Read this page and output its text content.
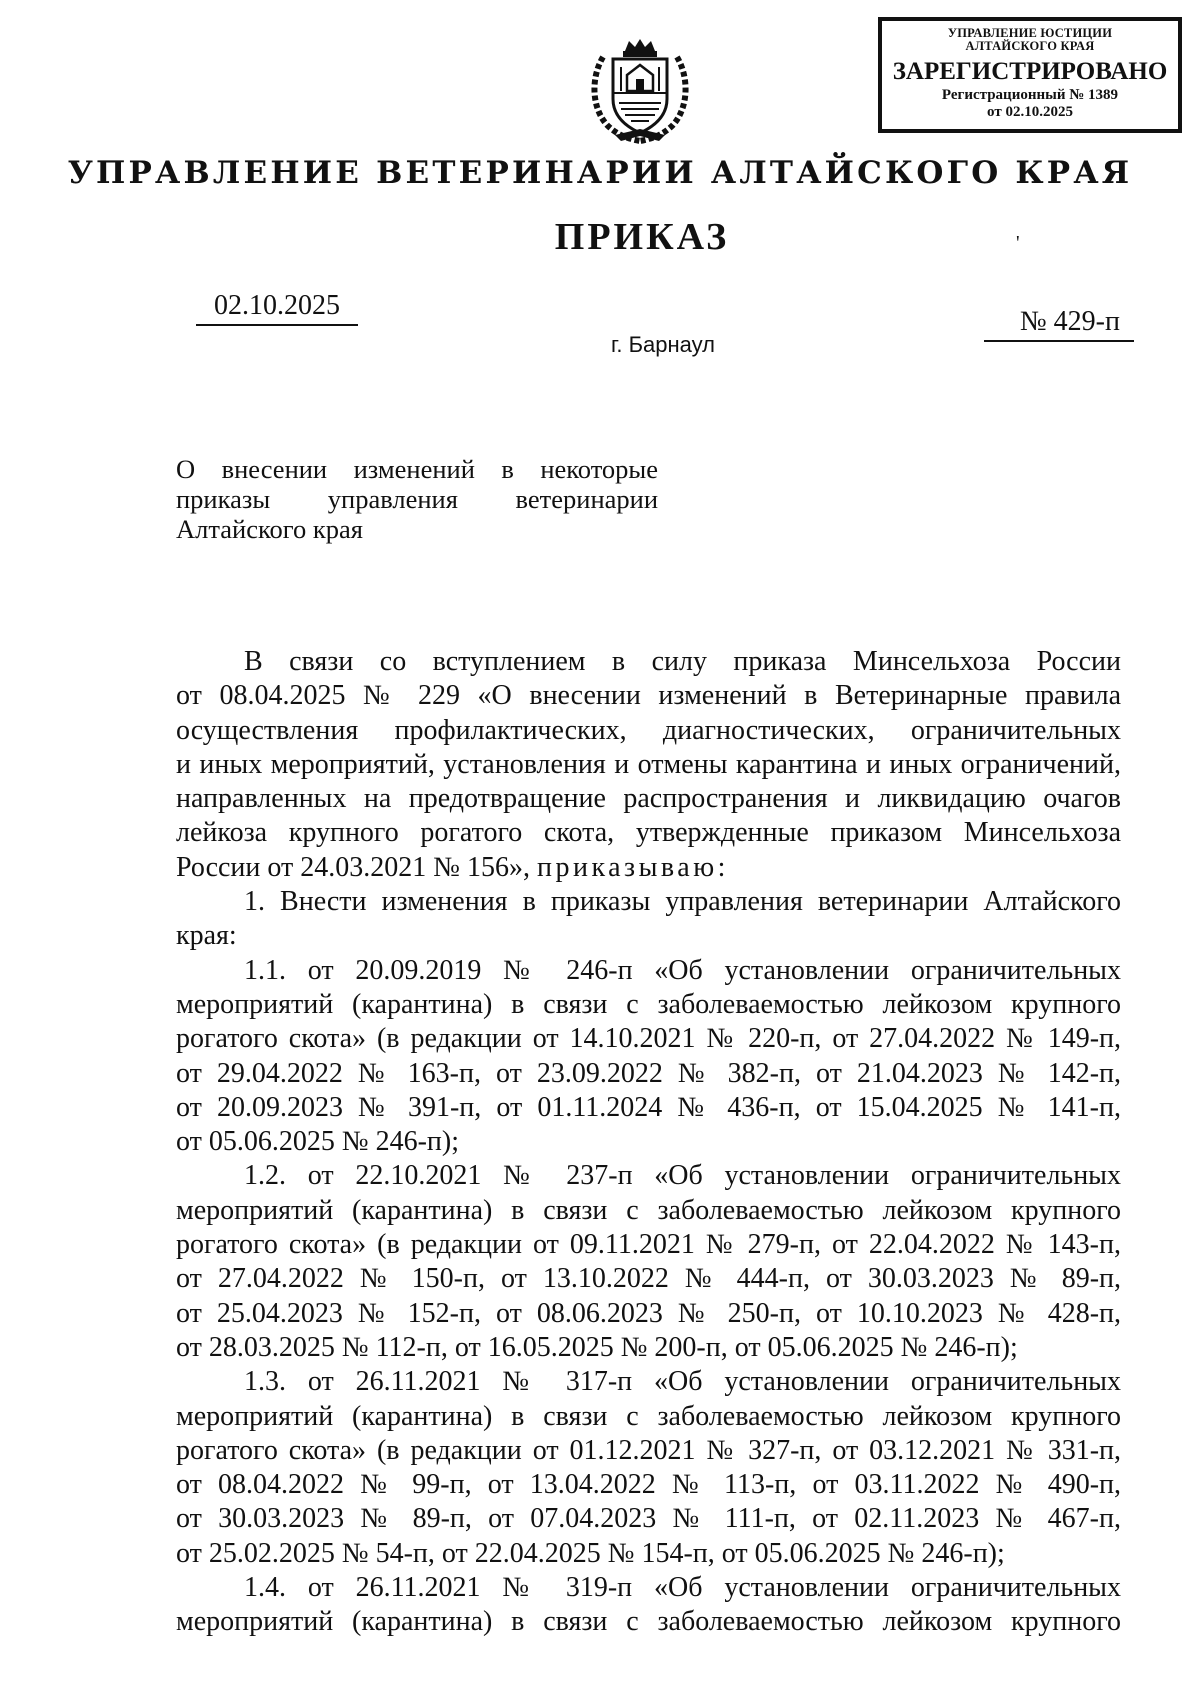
УПРАВЛЕНИЕ ЮСТИЦИИ
АЛТАЙСКОГО КРАЯ
ЗАРЕГИСТРИРОВАНО
Регистрационный № 1389
от 02.10.2025
УПРАВЛЕНИЕ ВЕТЕРИНАРИИ АЛТАЙСКОГО КРАЯ
ПРИКАЗ	'
02.10.2025
№ 429-п
г. Барнаул
О внесении изменений в некоторые
приказы управления ветеринарии
Алтайского края
В связи со вступлением в силу приказа Минсельхоза России
от 08.04.2025 № 229 «О внесении изменений в Ветеринарные правила
осуществления профилактических, диагностических, ограничительных
и иных мероприятий, установления и отмены карантина и иных ограничений,
направленных на предотвращение распространения и ликвидацию очагов
лейкоза крупного рогатого скота, утвержденные приказом Минсельхоза
России от 24.03.2021 № 156», приказываю:
1. Внести изменения в приказы управления ветеринарии Алтайского
края:
1.1. от 20.09.2019 № 246-п «Об установлении ограничительных
мероприятий (карантина) в связи с заболеваемостью лейкозом крупного
рогатого скота» (в редакции от 14.10.2021 № 220-п, от 27.04.2022 № 149-п,
от 29.04.2022 № 163-п, от 23.09.2022 № 382-п, от 21.04.2023 № 142-п,
от 20.09.2023 № 391-п, от 01.11.2024 № 436-п, от 15.04.2025 № 141-п,
от 05.06.2025 № 246-п);
1.2. от 22.10.2021 № 237-п «Об установлении ограничительных
мероприятий (карантина) в связи с заболеваемостью лейкозом крупного
рогатого скота» (в редакции от 09.11.2021 № 279-п, от 22.04.2022 № 143-п,
от 27.04.2022 № 150-п, от 13.10.2022 № 444-п, от 30.03.2023 № 89-п,
от 25.04.2023 № 152-п, от 08.06.2023 № 250-п, от 10.10.2023 № 428-п,
от 28.03.2025 № 112-п, от 16.05.2025 № 200-п, от 05.06.2025 № 246-п);
1.3. от 26.11.2021 № 317-п «Об установлении ограничительных
мероприятий (карантина) в связи с заболеваемостью лейкозом крупного
рогатого скота» (в редакции от 01.12.2021 № 327-п, от 03.12.2021 № 331-п,
от 08.04.2022 № 99-п, от 13.04.2022 № 113-п, от 03.11.2022 № 490-п,
от 30.03.2023 № 89-п, от 07.04.2023 № 111-п, от 02.11.2023 № 467-п,
от 25.02.2025 № 54-п, от 22.04.2025 № 154-п, от 05.06.2025 № 246-п);
1.4. от 26.11.2021 № 319-п «Об установлении ограничительных
мероприятий (карантина) в связи с заболеваемостью лейкозом крупного
